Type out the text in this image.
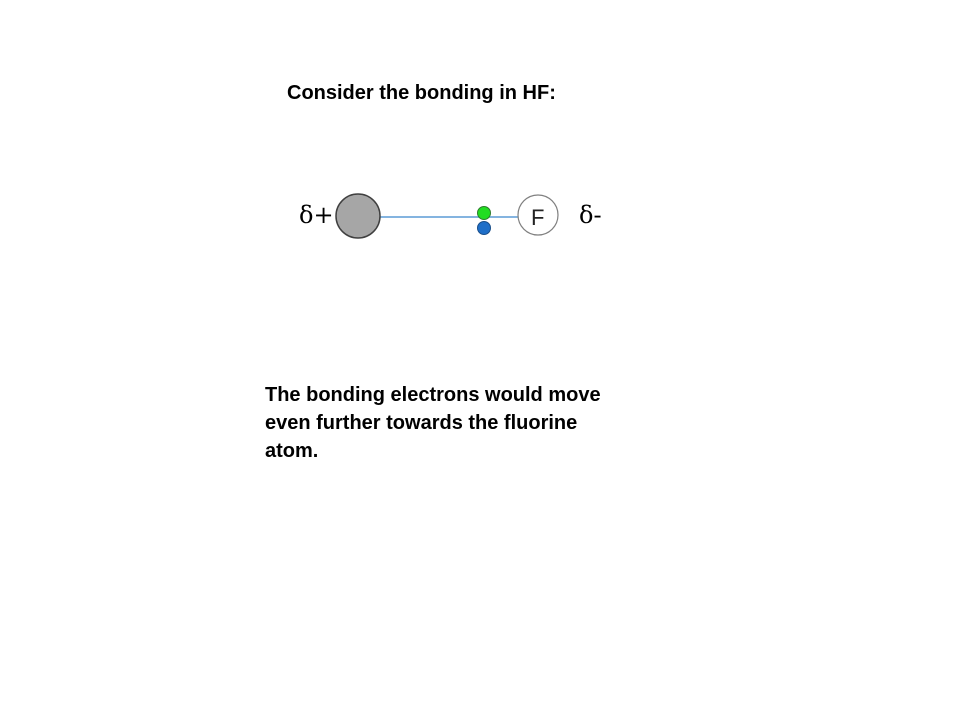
Consider the bonding in HF:
δ+	F δ-
The bonding electrons would move even further towards the fluorine atom.
